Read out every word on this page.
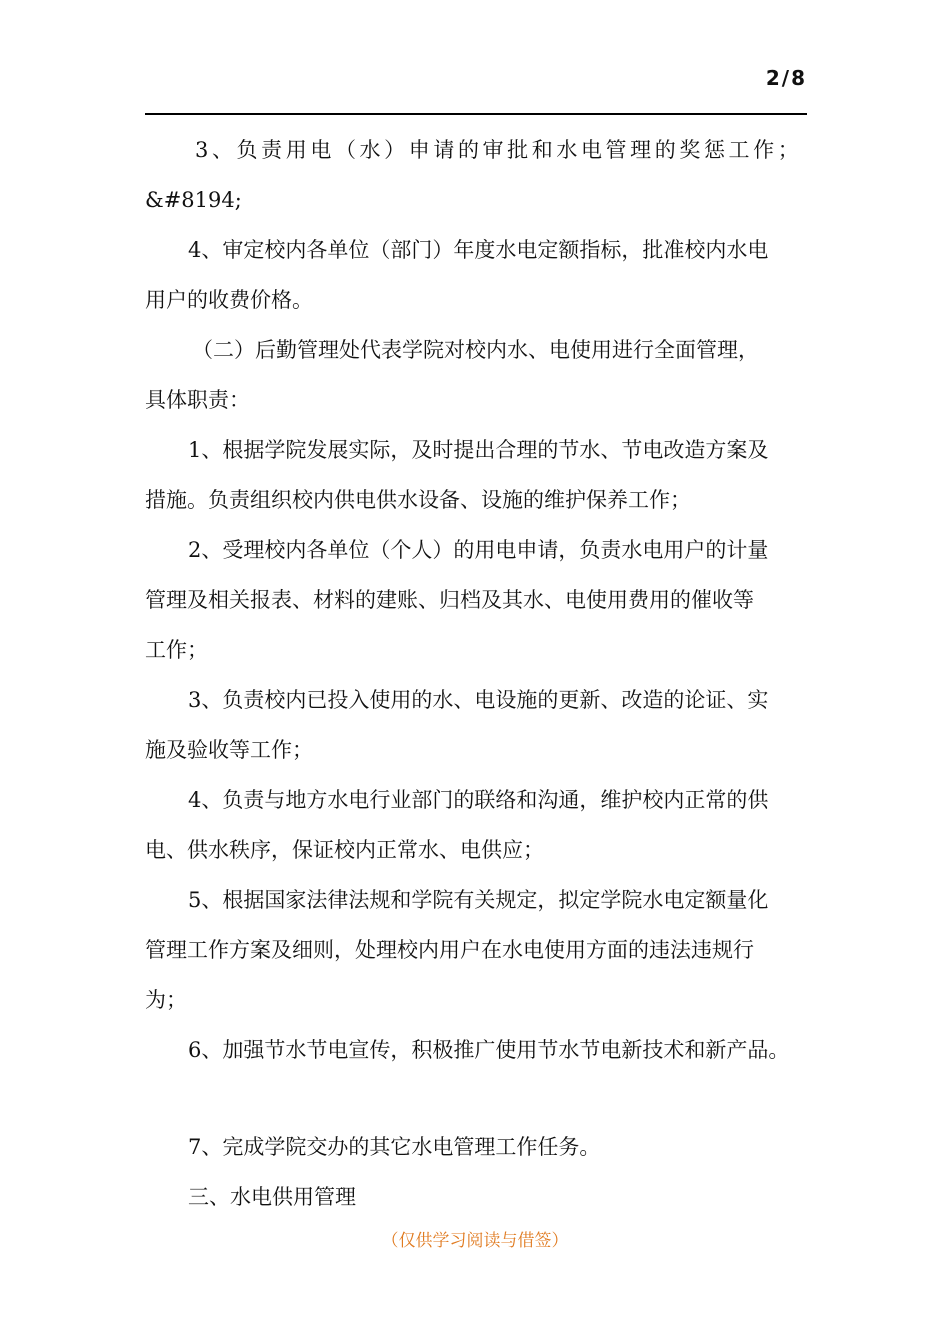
2/8
3、负责用电（水）申请的审批和水电管理的奖惩工作；
&#8194;
4、审定校内各单位（部门）年度水电定额指标，批准校内水电
用户的收费价格。
（二）后勤管理处代表学院对校内水、电使用进行全面管理，
具体职责：
1、根据学院发展实际，及时提出合理的节水、节电改造方案及
措施。负责组织校内供电供水设备、设施的维护保养工作；
2、受理校内各单位（个人）的用电申请，负责水电用户的计量
管理及相关报表、材料的建账、归档及其水、电使用费用的催收等
工作；
3、负责校内已投入使用的水、电设施的更新、改造的论证、实
施及验收等工作；
4、负责与地方水电行业部门的联络和沟通，维护校内正常的供
电、供水秩序，保证校内正常水、电供应；
5、根据国家法律法规和学院有关规定，拟定学院水电定额量化
管理工作方案及细则，处理校内用户在水电使用方面的违法违规行
为；
6、加强节水节电宣传，积极推广使用节水节电新技术和新产品。
7、完成学院交办的其它水电管理工作任务。
三、水电供用管理
（仅供学习阅读与借签）
